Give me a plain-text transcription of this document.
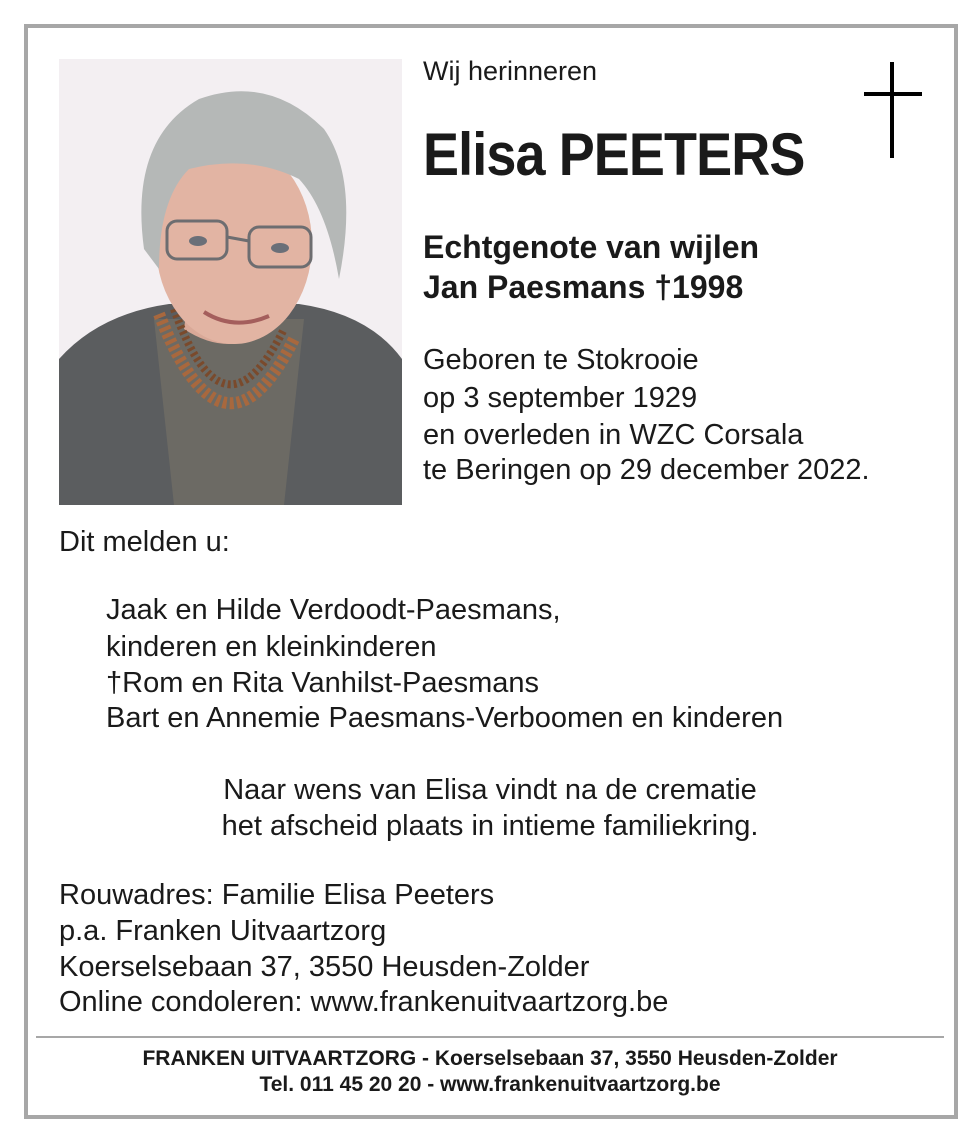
Wij herinneren
Elisa PEETERS
Echtgenote van wijlen
Jan Paesmans †1998
Geboren te Stokrooie
op 3 september 1929
en overleden in WZC Corsala
te Beringen op 29 december 2022.
Dit melden u:
Jaak en Hilde Verdoodt-Paesmans,
kinderen en kleinkinderen
†Rom en Rita Vanhilst-Paesmans
Bart en Annemie Paesmans-Verboomen en kinderen
Naar wens van Elisa vindt na de crematie
het afscheid plaats in intieme familiekring.
Rouwadres: Familie Elisa Peeters
p.a. Franken Uitvaartzorg
Koerselsebaan 37, 3550 Heusden-Zolder
Online condoleren: www.frankenuitvaartzorg.be
FRANKEN UITVAARTZORG - Koerselsebaan 37, 3550 Heusden-Zolder
Tel. 011 45 20 20 - www.frankenuitvaartzorg.be
